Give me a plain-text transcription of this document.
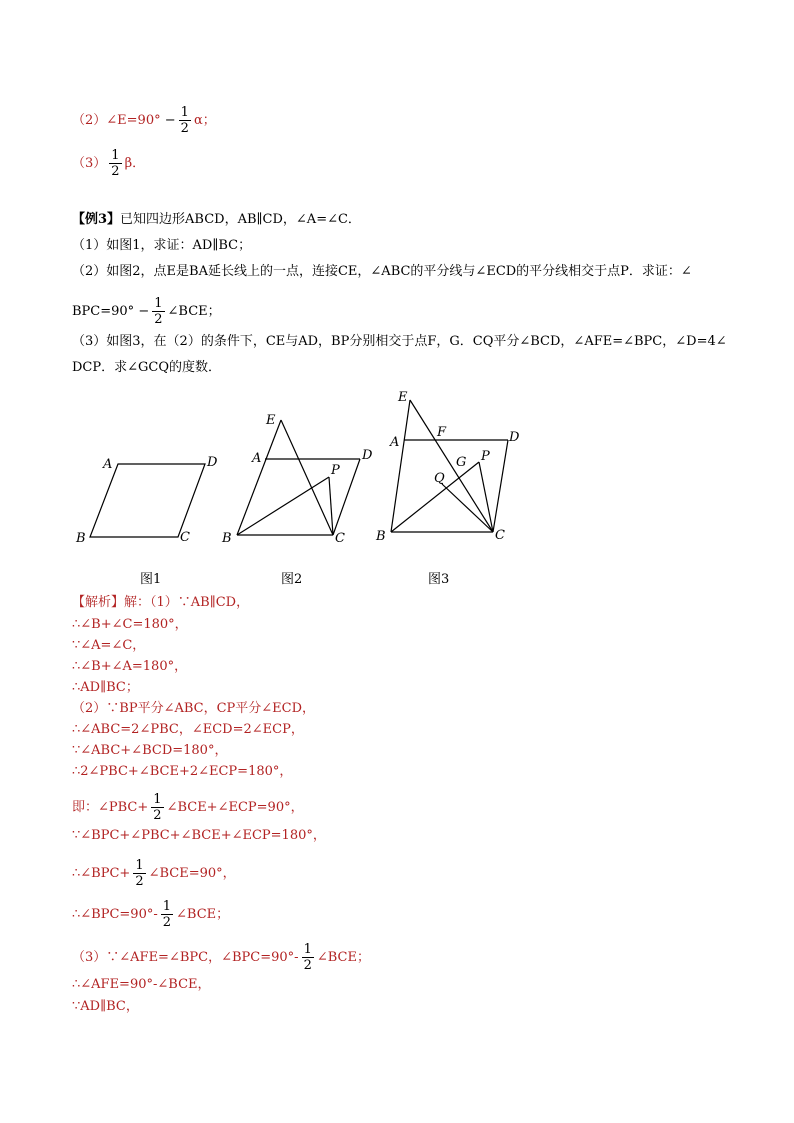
（2）∠E=90° − $\frac{1}{2}$ α；
$(3) \frac{1}{2}$ β．
【例3】已知四边形ABCD，AB∥CD，∠A=∠C．
（1）如图1，求证：AD∥BC；
（2）如图2，点E是BA延长线上的一点，连接CE，∠ABC的平分线与∠ECD的平分线相交于点P．求证：∠
$BPC=90^\circ - \frac{1}{2}$ ∠BCE；
（3）如图3，在（2）的条件下，CE与AD，BP分别相交于点F，G．CQ平分∠BCD，∠AFE=∠BPC，∠D=4∠
DCP．求∠GCQ的度数．
A	D
B	C
E
A	D
P
B	C
E
A
F	D
G P
Q
B	C
图1	图2	图3
【解析】解：（1）∵AB∥CD，
∴∠B+∠C=180°，
∵∠A=∠C，
∴∠B+∠A=180°，
∴AD∥BC；
（2）∵BP平分∠ABC，CP平分∠ECD，
∴∠ABC=2∠PBC，∠ECD=2∠ECP，
∵∠ABC+∠BCD=180°，
∴2∠PBC+∠BCE+2∠ECP=180°，
即：∠PBC+ $\frac{1}{2}$ ∠BCE+∠ECP=90°，
∵∠BPC+∠PBC+∠BCE+∠ECP=180°，
∴∠BPC+ $\frac{1}{2}$ ∠BCE=90°，
∴∠BPC=90°- $\frac{1}{2}$ ∠BCE；
（3）∵∠AFE=∠BPC，∠BPC=90°- $\frac{1}{2}$ ∠BCE；
∴∠AFE=90°-∠BCE，
∵AD∥BC，
